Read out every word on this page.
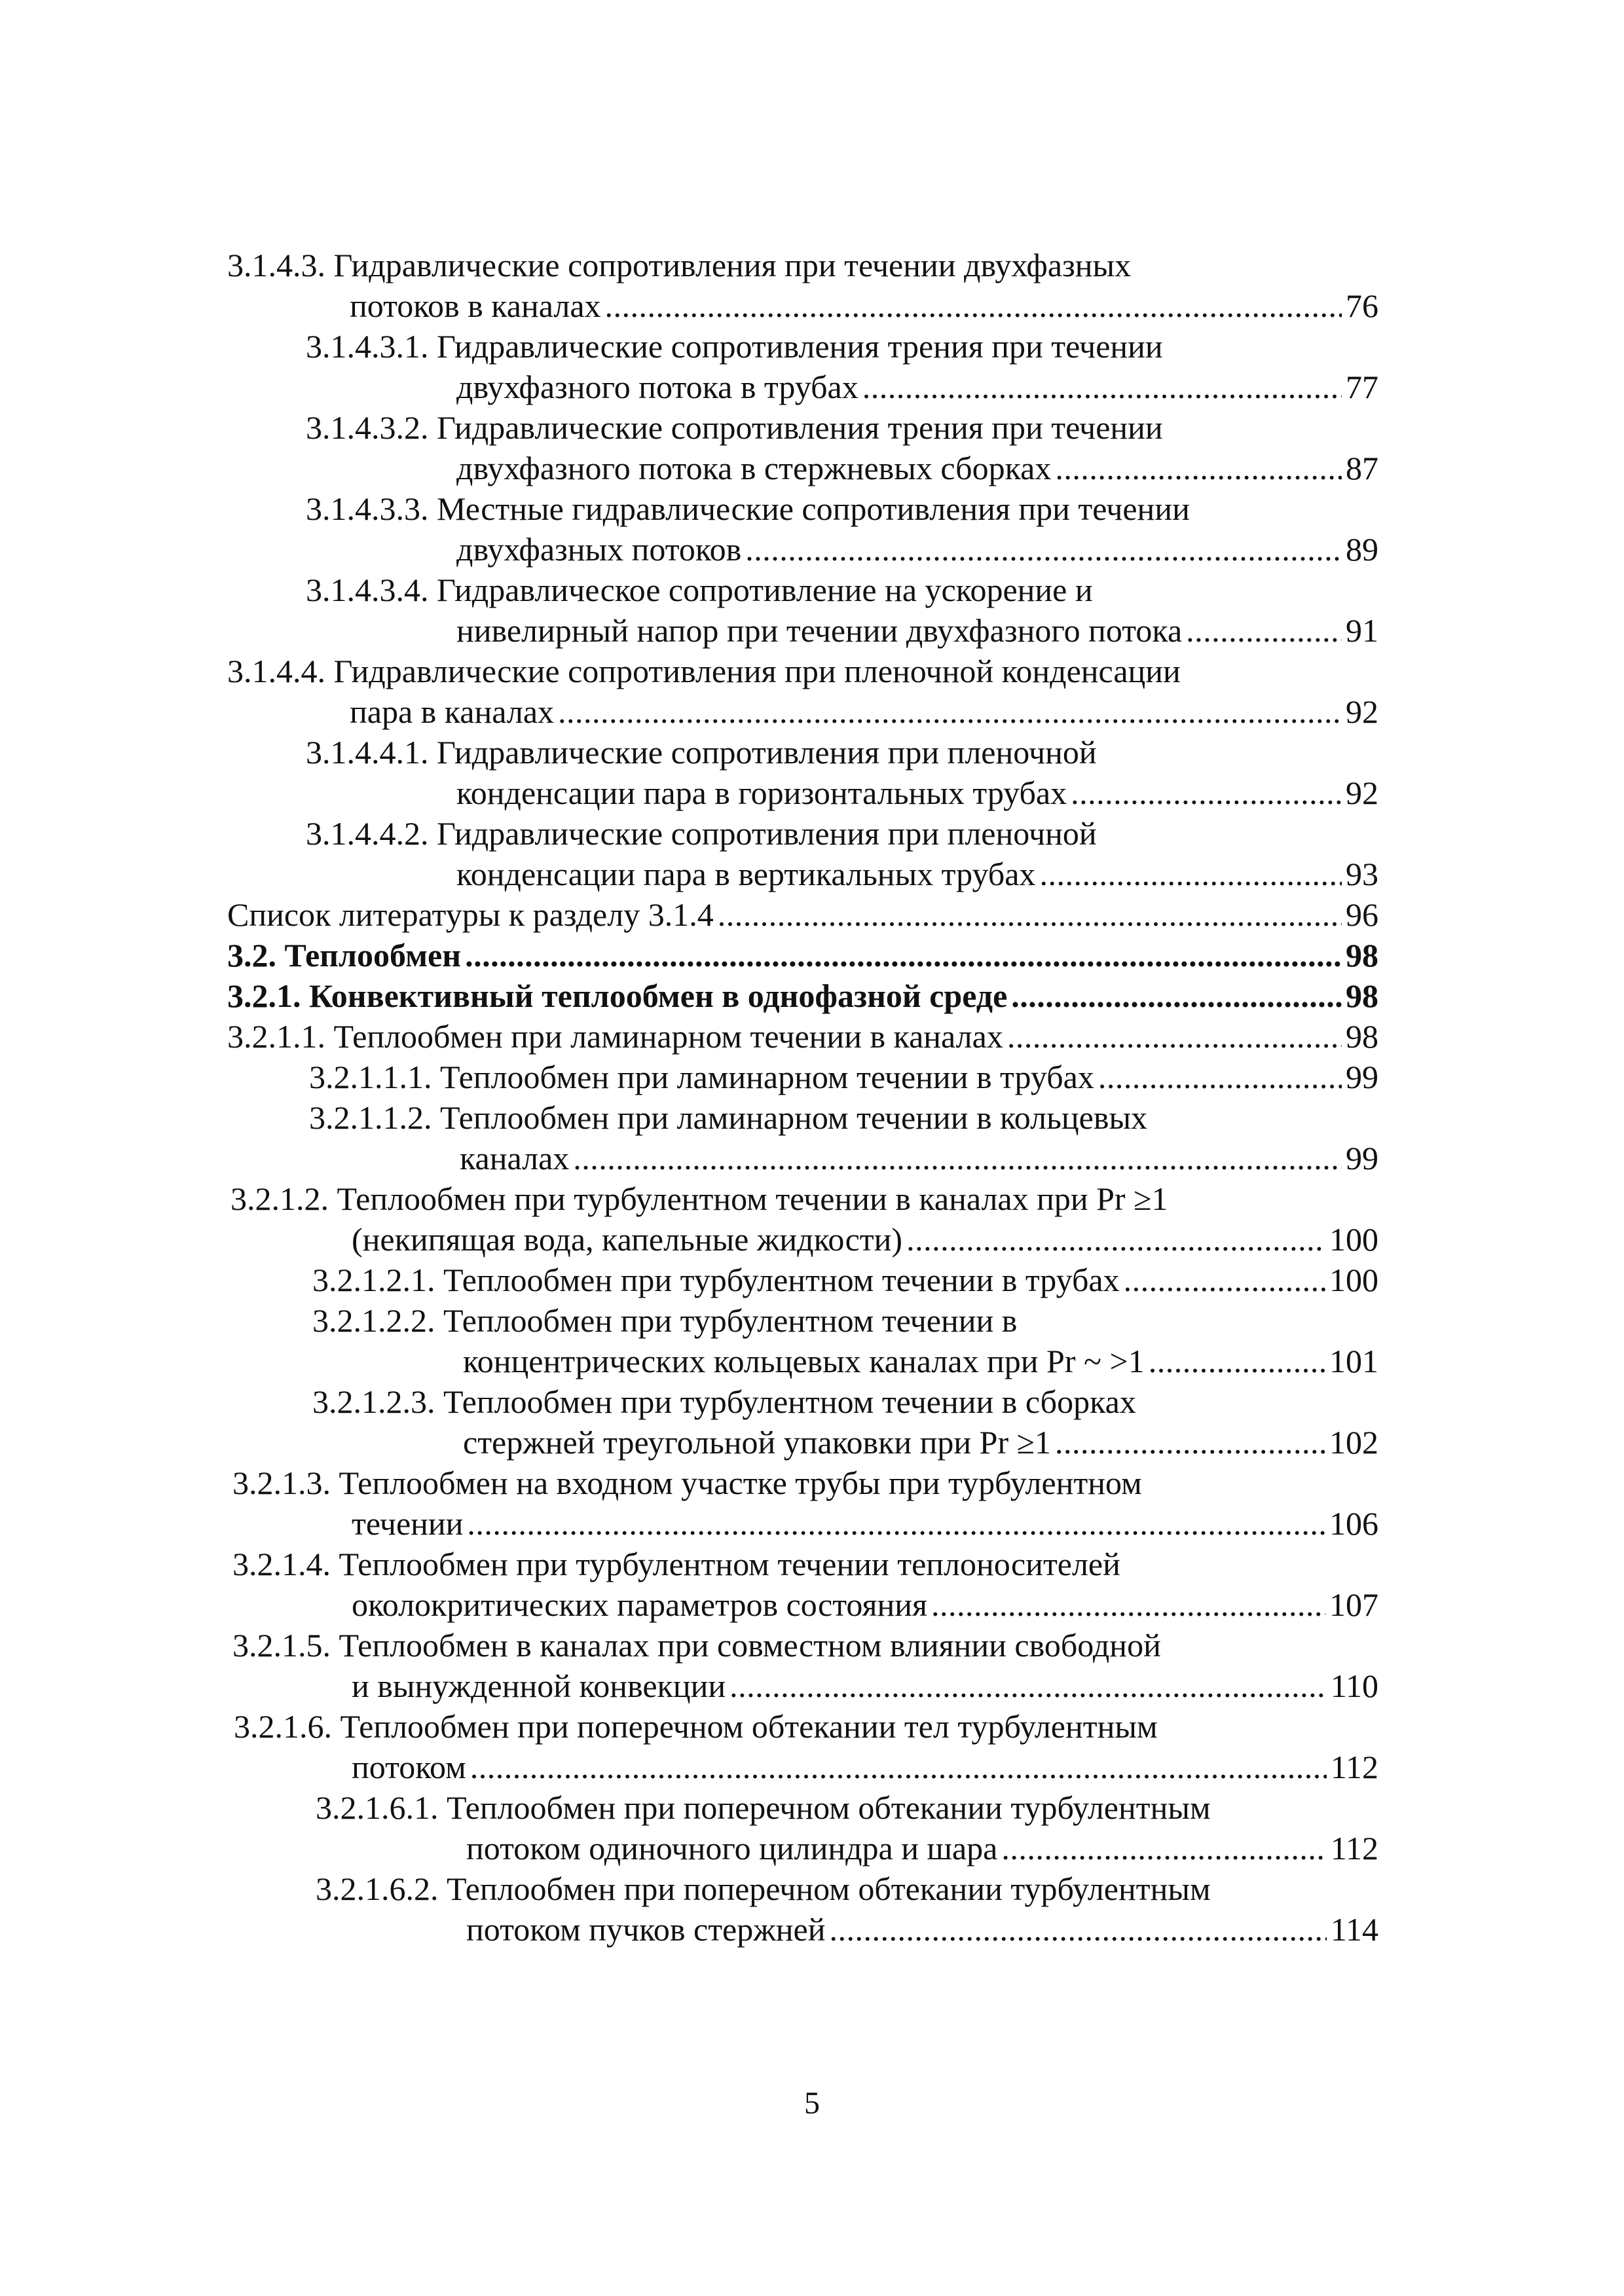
3.1.4.3. Гидравлические сопротивления при течении двухфазных
потоков в каналах . . .	76
3.1.4.3.1. Гидравлические сопротивления трения при течении
двухфазного потока в трубах . . .	77
3.1.4.3.2. Гидравлические сопротивления трения при течении
двухфазного потока в стержневых сборках . . .	87
3.1.4.3.3. Местные гидравлические сопротивления при течении
двухфазных потоков . . .	89
3.1.4.3.4. Гидравлическое сопротивление на ускорение и
нивелирный напор при течении двухфазного потока . . .	91
3.1.4.4. Гидравлические сопротивления при пленочной конденсации
пара в каналах . . .	92
3.1.4.4.1. Гидравлические сопротивления при пленочной
конденсации пара в горизонтальных трубах . . .	92
3.1.4.4.2. Гидравлические сопротивления при пленочной
конденсации пара в вертикальных трубах . . .	93
Список литературы к разделу 3.1.4 . . .	96
3.2. Теплообмен . . .	98
3.2.1. Конвективный теплообмен в однофазной среде . . .	98
3.2.1.1. Теплообмен при ламинарном течении в каналах . . .	98
3.2.1.1.1. Теплообмен при ламинарном течении в трубах . . .	99
3.2.1.1.2. Теплообмен при ламинарном течении в кольцевых
каналах . . .	99
3.2.1.2. Теплообмен при турбулентном течении в каналах при Pr ≥1
(некипящая вода, капельные жидкости) . . .	100
3.2.1.2.1. Теплообмен при турбулентном течении в трубах . . .	100
3.2.1.2.2. Теплообмен при турбулентном течении в
концентрических кольцевых каналах при Pr ~ >1 . . .	101
3.2.1.2.3. Теплообмен при турбулентном течении в сборках
стержней треугольной упаковки при Pr ≥1 . . .	102
3.2.1.3. Теплообмен на входном участке трубы при турбулентном
течении . . .	106
3.2.1.4. Теплообмен при турбулентном течении теплоносителей
околокритических параметров состояния . . .	107
3.2.1.5. Теплообмен в каналах при совместном влиянии свободной
и вынужденной конвекции . . .	110
3.2.1.6. Теплообмен при поперечном обтекании тел турбулентным
потоком . . .	112
3.2.1.6.1. Теплообмен при поперечном обтекании турбулентным
потоком одиночного цилиндра и шара . . .	112
3.2.1.6.2. Теплообмен при поперечном обтекании турбулентным
потоком пучков стержней . . .	114
5
